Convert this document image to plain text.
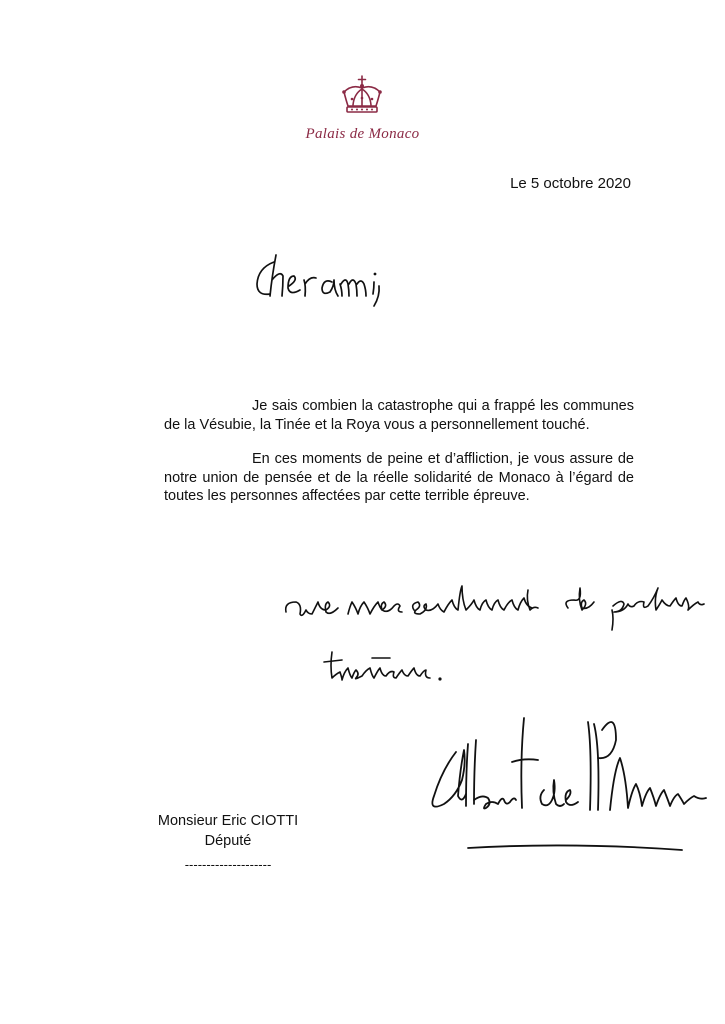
Palais de Monaco
Le 5 octobre 2020

Je sais combien la catastrophe qui a frappé les communes de la Vésubie, la Tinée et la Roya vous a personnellement touché.

En ces moments de peine et d’affliction, je vous assure de notre union de pensée et de la réelle solidarité de Monaco à l’égard de toutes les personnes affectées par cette terrible épreuve.

Monsieur Eric CIOTTI
Député
--------------------
